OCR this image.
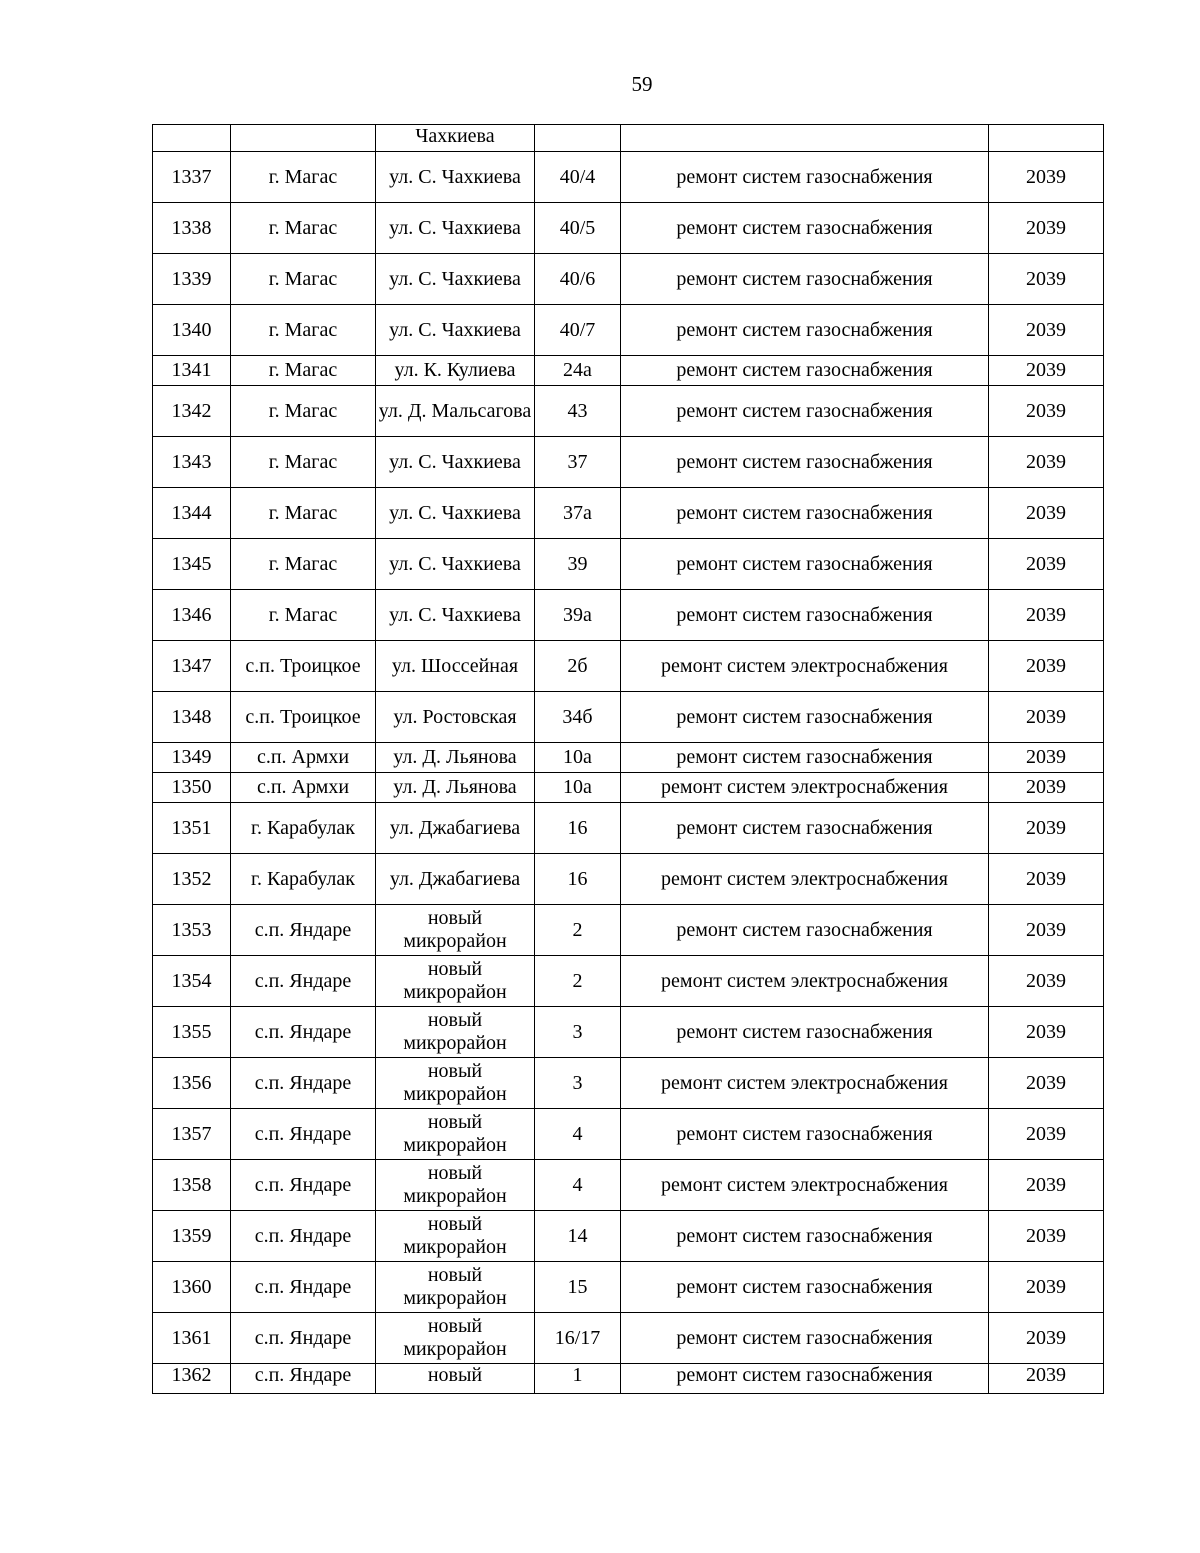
59

		Чахкиева			

1337	г. Магас	ул. С. Чахкиева	40/4	ремонт систем газоснабжения	2039

1338	г. Магас	ул. С. Чахкиева	40/5	ремонт систем газоснабжения	2039

1339	г. Магас	ул. С. Чахкиева	40/6	ремонт систем газоснабжения	2039

1340	г. Магас	ул. С. Чахкиева	40/7	ремонт систем газоснабжения	2039

1341	г. Магас	ул. К. Кулиева	24а	ремонт систем газоснабжения	2039

1342	г. Магас	ул. Д. Мальсагова	43	ремонт систем газоснабжения	2039

1343	г. Магас	ул. С. Чахкиева	37	ремонт систем газоснабжения	2039

1344	г. Магас	ул. С. Чахкиева	37а	ремонт систем газоснабжения	2039

1345	г. Магас	ул. С. Чахкиева	39	ремонт систем газоснабжения	2039

1346	г. Магас	ул. С. Чахкиева	39а	ремонт систем газоснабжения	2039

1347	с.п. Троицкое	ул. Шоссейная	2б	ремонт систем электроснабжения	2039

1348	с.п. Троицкое	ул. Ростовская	34б	ремонт систем газоснабжения	2039

1349	с.п. Армхи	ул. Д. Льянова	10а	ремонт систем газоснабжения	2039

1350	с.п. Армхи	ул. Д. Льянова	10а	ремонт систем электроснабжения	2039

1351	г. Карабулак	ул. Джабагиева	16	ремонт систем газоснабжения	2039

1352	г. Карабулак	ул. Джабагиева	16	ремонт систем электроснабжения	2039

1353	с.п. Яндаре	новый микрорайон	2	ремонт систем газоснабжения	2039

1354	с.п. Яндаре	новый микрорайон	2	ремонт систем электроснабжения	2039

1355	с.п. Яндаре	новый микрорайон	3	ремонт систем газоснабжения	2039

1356	с.п. Яндаре	новый микрорайон	3	ремонт систем электроснабжения	2039

1357	с.п. Яндаре	новый микрорайон	4	ремонт систем газоснабжения	2039

1358	с.п. Яндаре	новый микрорайон	4	ремонт систем электроснабжения	2039

1359	с.п. Яндаре	новый микрорайон	14	ремонт систем газоснабжения	2039

1360	с.п. Яндаре	новый микрорайон	15	ремонт систем газоснабжения	2039

1361	с.п. Яндаре	новый микрорайон	16/17	ремонт систем газоснабжения	2039

1362	с.п. Яндаре	новый	1	ремонт систем газоснабжения	2039
